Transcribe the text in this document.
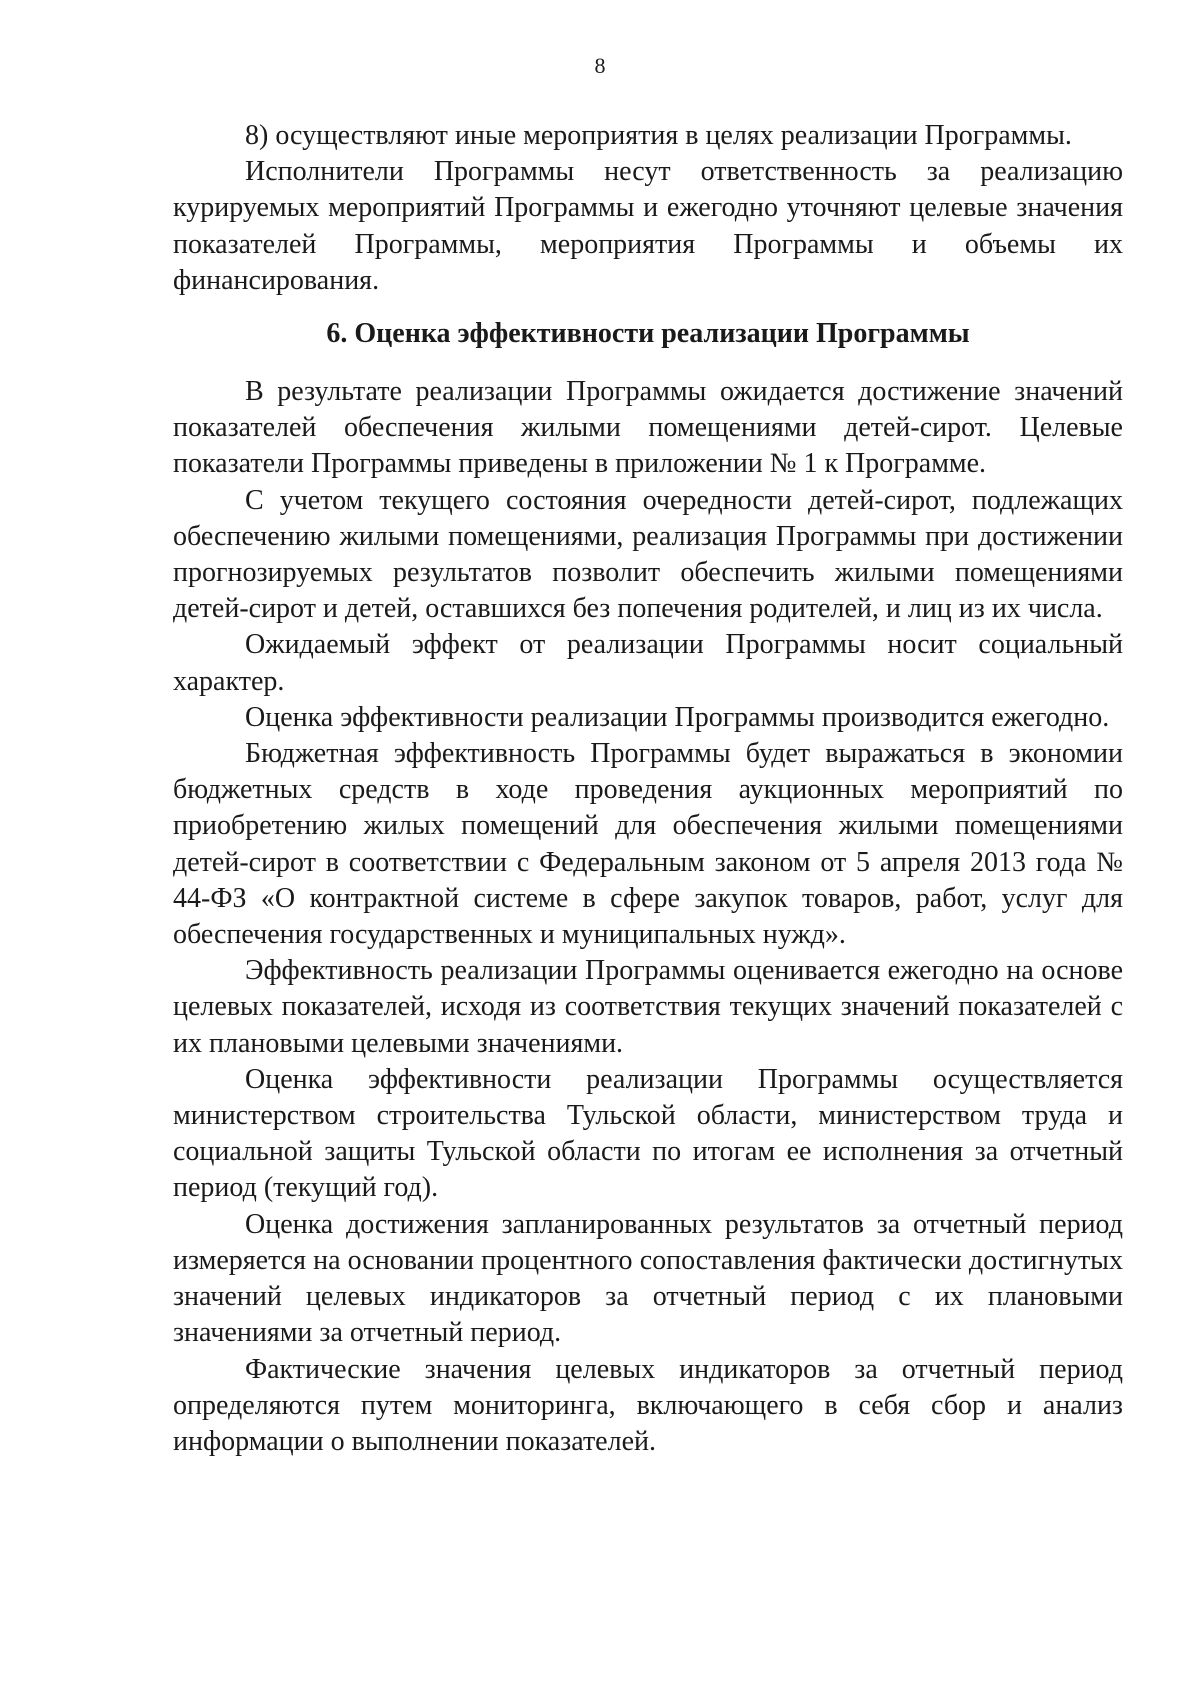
8

8) осуществляют иные мероприятия в целях реализации Программы.

Исполнители Программы несут ответственность за реализацию курируемых мероприятий Программы и ежегодно уточняют целевые значения показателей Программы, мероприятия Программы и объемы их финансирования.

6. Оценка эффективности реализации Программы

В результате реализации Программы ожидается достижение значений показателей обеспечения жилыми помещениями детей-сирот. Целевые показатели Программы приведены в приложении № 1 к Программе.

С учетом текущего состояния очередности детей-сирот, подлежащих обеспечению жилыми помещениями, реализация Программы при достижении прогнозируемых результатов позволит обеспечить жилыми помещениями детей-сирот и детей, оставшихся без попечения родителей, и лиц из их числа.

Ожидаемый эффект от реализации Программы носит социальный характер.

Оценка эффективности реализации Программы производится ежегодно.

Бюджетная эффективность Программы будет выражаться в экономии бюджетных средств в ходе проведения аукционных мероприятий по приобретению жилых помещений для обеспечения жилыми помещениями детей-сирот в соответствии с Федеральным законом от 5 апреля 2013 года № 44-ФЗ «О контрактной системе в сфере закупок товаров, работ, услуг для обеспечения государственных и муниципальных нужд».

Эффективность реализации Программы оценивается ежегодно на основе целевых показателей, исходя из соответствия текущих значений показателей с их плановыми целевыми значениями.

Оценка эффективности реализации Программы осуществляется министерством строительства Тульской области, министерством труда и социальной защиты Тульской области по итогам ее исполнения за отчетный период (текущий год).

Оценка достижения запланированных результатов за отчетный период измеряется на основании процентного сопоставления фактически достигнутых значений целевых индикаторов за отчетный период с их плановыми значениями за отчетный период.

Фактические значения целевых индикаторов за отчетный период определяются путем мониторинга, включающего в себя сбор и анализ информации о выполнении показателей.
